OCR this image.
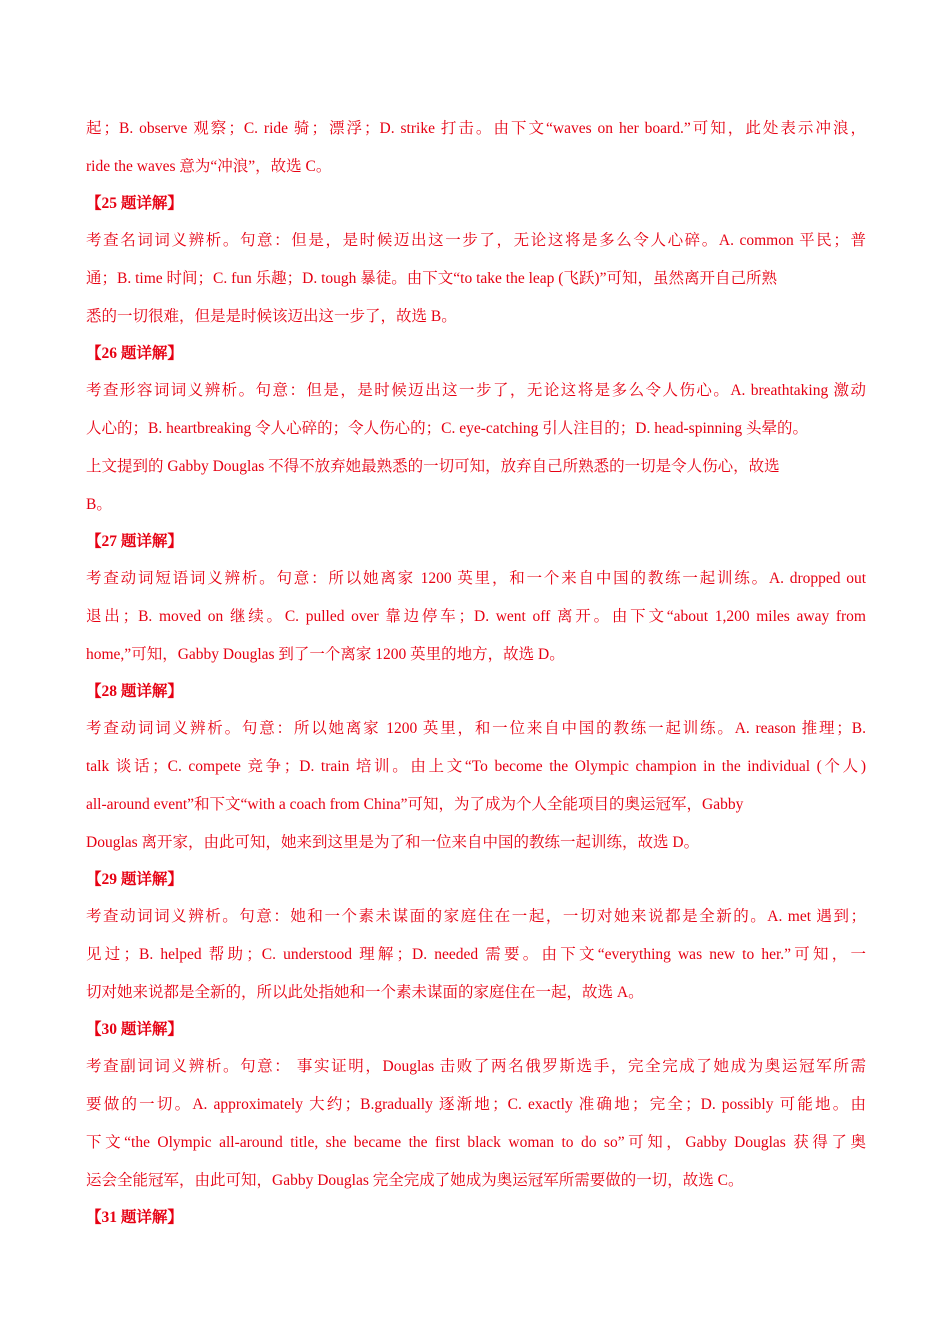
起；B. observe 观察；C. ride 骑；漂浮；D. strike 打击。由下文“waves on her board.”可知，此处表示冲浪，
ride the waves 意为“冲浪”，故选 C。
【25 题详解】
考查名词词义辨析。句意：但是，是时候迈出这一步了，无论这将是多么令人心碎。A. common 平民；普
通；B. time 时间；C. fun 乐趣；D. tough 暴徒。由下文“to take the leap (飞跃)”可知，虽然离开自己所熟
悉的一切很难，但是是时候该迈出这一步了，故选 B。
【26 题详解】
考查形容词词义辨析。句意：但是，是时候迈出这一步了，无论这将是多么令人伤心。A. breathtaking 激动
人心的；B. heartbreaking 令人心碎的；令人伤心的；C. eye-catching 引人注目的；D. head-spinning 头晕的。
上文提到的 Gabby Douglas 不得不放弃她最熟悉的一切可知，放弃自己所熟悉的一切是令人伤心，故选
B。
【27 题详解】
考查动词短语词义辨析。句意：所以她离家 1200 英里，和一个来自中国的教练一起训练。A. dropped out
退出；B. moved on 继续。C. pulled over 靠边停车；D. went off 离开。由下文“about 1,200 miles away from
home,”可知，Gabby Douglas 到了一个离家 1200 英里的地方，故选 D。
【28 题详解】
考查动词词义辨析。句意：所以她离家 1200 英里，和一位来自中国的教练一起训练。A. reason 推理；B.
talk 谈话；C. compete 竞争；D. train 培训。由上文“To become the Olympic champion in the individual (个人)
all-around event”和下文“with a coach from China”可知，为了成为个人全能项目的奥运冠军，Gabby
Douglas 离开家，由此可知，她来到这里是为了和一位来自中国的教练一起训练，故选 D。
【29 题详解】
考查动词词义辨析。句意：她和一个素未谋面的家庭住在一起，一切对她来说都是全新的。A. met 遇到；
见过；B. helped 帮助；C. understood 理解；D. needed 需要。由下文“everything was new to her.”可知，一
切对她来说都是全新的，所以此处指她和一个素未谋面的家庭住在一起，故选 A。
【30 题详解】
考查副词词义辨析。句意： 事实证明，Douglas 击败了两名俄罗斯选手，完全完成了她成为奥运冠军所需
要做的一切。A. approximately 大约；B.gradually 逐渐地；C. exactly 准确地；完全；D. possibly 可能地。由
下文“the Olympic all-around title, she became the first black woman to do so”可知，Gabby Douglas 获得了奥
运会全能冠军，由此可知，Gabby Douglas 完全完成了她成为奥运冠军所需要做的一切，故选 C。
【31 题详解】
